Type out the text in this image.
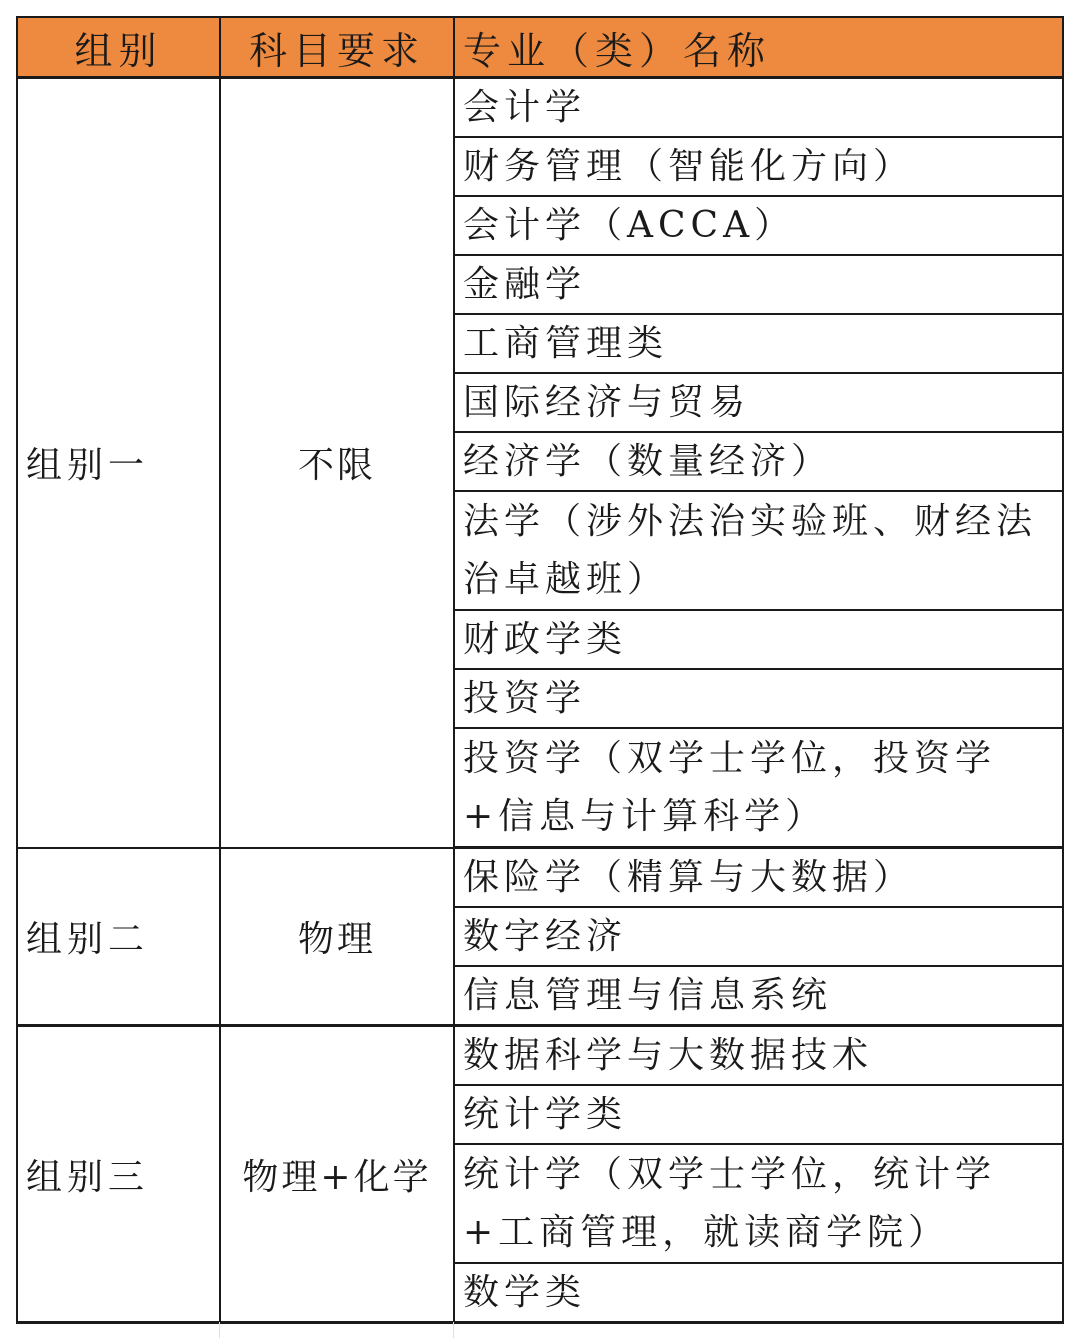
组别	科目要求	专业（类）名称
组别一	不限	会计学
		财务管理（智能化方向）
		会计学（ACCA）
		金融学
		工商管理类
		国际经济与贸易
		经济学（数量经济）
		法学（涉外法治实验班、财经法治卓越班）
		财政学类
		投资学
		投资学（双学士学位，投资学+信息与计算科学）
组别二	物理	保险学（精算与大数据）
		数字经济
		信息管理与信息系统
组别三	物理+化学	数据科学与大数据技术
		统计学类
		统计学（双学士学位，统计学+工商管理，就读商学院）
		数学类
